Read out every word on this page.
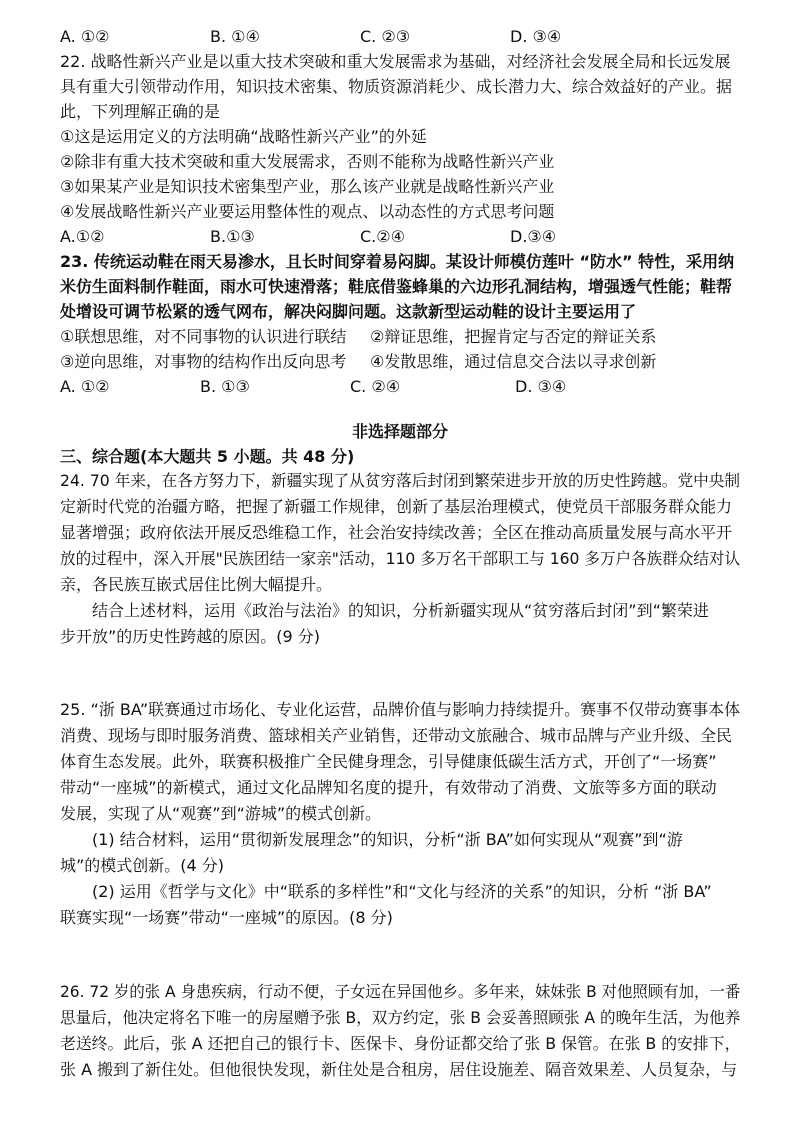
A. ①②	B. ①④	C. ②③	D. ③④
22. 战略性新兴产业是以重大技术突破和重大发展需求为基础，对经济社会发展全局和长远发展
具有重大引领带动作用，知识技术密集、物质资源消耗少、成长潜力大、综合效益好的产业。据
此，下列理解正确的是
①这是运用定义的方法明确“战略性新兴产业”的外延
②除非有重大技术突破和重大发展需求，否则不能称为战略性新兴产业
③如果某产业是知识技术密集型产业，那么该产业就是战略性新兴产业
④发展战略性新兴产业要运用整体性的观点、以动态性的方式思考问题
A.①②	B.①③	C.②④	D.③④
23. 传统运动鞋在雨天易渗水，且长时间穿着易闷脚。某设计师模仿莲叶 “防水” 特性，采用纳
米仿生面料制作鞋面，雨水可快速滑落；鞋底借鉴蜂巢的六边形孔洞结构，增强透气性能；鞋帮
处增设可调节松紧的透气网布，解决闷脚问题。这款新型运动鞋的设计主要运用了
①联想思维，对不同事物的认识进行联结 ②辩证思维，把握肯定与否定的辩证关系
③逆向思维，对事物的结构作出反向思考 ④发散思维，通过信息交合法以寻求创新
A. ①②	B. ①③	C. ②④	D. ③④
非选择题部分
三、综合题(本大题共 5 小题。共 48 分)
24. 70 年来，在各方努力下，新疆实现了从贫穷落后封闭到繁荣进步开放的历史性跨越。党中央制
定新时代党的治疆方略，把握了新疆工作规律，创新了基层治理模式，使党员干部服务群众能力
显著增强；政府依法开展反恐维稳工作，社会治安持续改善；全区在推动高质量发展与高水平开
放的过程中，深入开展"民族团结一家亲"活动，110 多万名干部职工与 160 多万户各族群众结对认
亲，各民族互嵌式居住比例大幅提升。
结合上述材料，运用《政治与法治》的知识，分析新疆实现从“贫穷落后封闭”到“繁荣进
步开放”的历史性跨越的原因。(9 分)
25. “浙 BA”联赛通过市场化、专业化运营，品牌价值与影响力持续提升。赛事不仅带动赛事本体
消费、现场与即时服务消费、篮球相关产业销售，还带动文旅融合、城市品牌与产业升级、全民
体育生态发展。此外，联赛积极推广全民健身理念，引导健康低碳生活方式，开创了“一场赛”
带动“一座城”的新模式，通过文化品牌知名度的提升，有效带动了消费、文旅等多方面的联动
发展，实现了从“观赛”到“游城”的模式创新。
(1) 结合材料，运用“贯彻新发展理念”的知识，分析“浙 BA”如何实现从“观赛”到“游
城”的模式创新。(4 分)
(2) 运用《哲学与文化》中“联系的多样性”和“文化与经济的关系”的知识，分析 “浙 BA”
联赛实现“一场赛”带动“一座城”的原因。(8 分)
26. 72 岁的张 A 身患疾病，行动不便，子女远在异国他乡。多年来，妹妹张 B 对他照顾有加，一番
思量后，他决定将名下唯一的房屋赠予张 B，双方约定，张 B 会妥善照顾张 A 的晚年生活，为他养
老送终。此后，张 A 还把自己的银行卡、医保卡、身份证都交给了张 B 保管。在张 B 的安排下，
张 A 搬到了新住处。但他很快发现，新住处是合租房，居住设施差、隔音效果差、人员复杂，与
